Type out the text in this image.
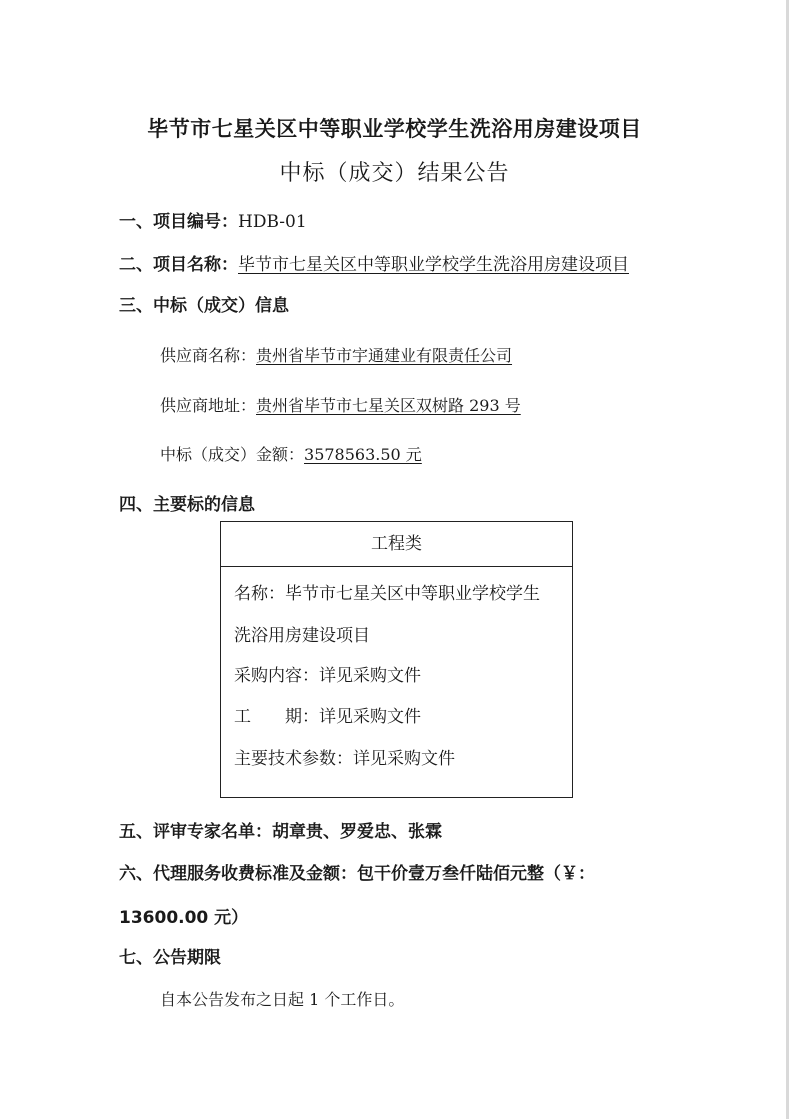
毕节市七星关区中等职业学校学生洗浴用房建设项目
中标（成交）结果公告
一、项目编号：HDB-01
二、项目名称：毕节市七星关区中等职业学校学生洗浴用房建设项目
三、中标（成交）信息
供应商名称：贵州省毕节市宇通建业有限责任公司
供应商地址：贵州省毕节市七星关区双树路 293 号
中标（成交）金额：3578563.50 元
四、主要标的信息
工程类
名称：毕节市七星关区中等职业学校学生
洗浴用房建设项目
采购内容：详见采购文件
工　　期：详见采购文件
主要技术参数：详见采购文件
五、评审专家名单：胡章贵、罗爱忠、张霖
六、代理服务收费标准及金额：包干价壹万叁仟陆佰元整（￥：
13600.00 元）
七、公告期限
自本公告发布之日起 1 个工作日。
